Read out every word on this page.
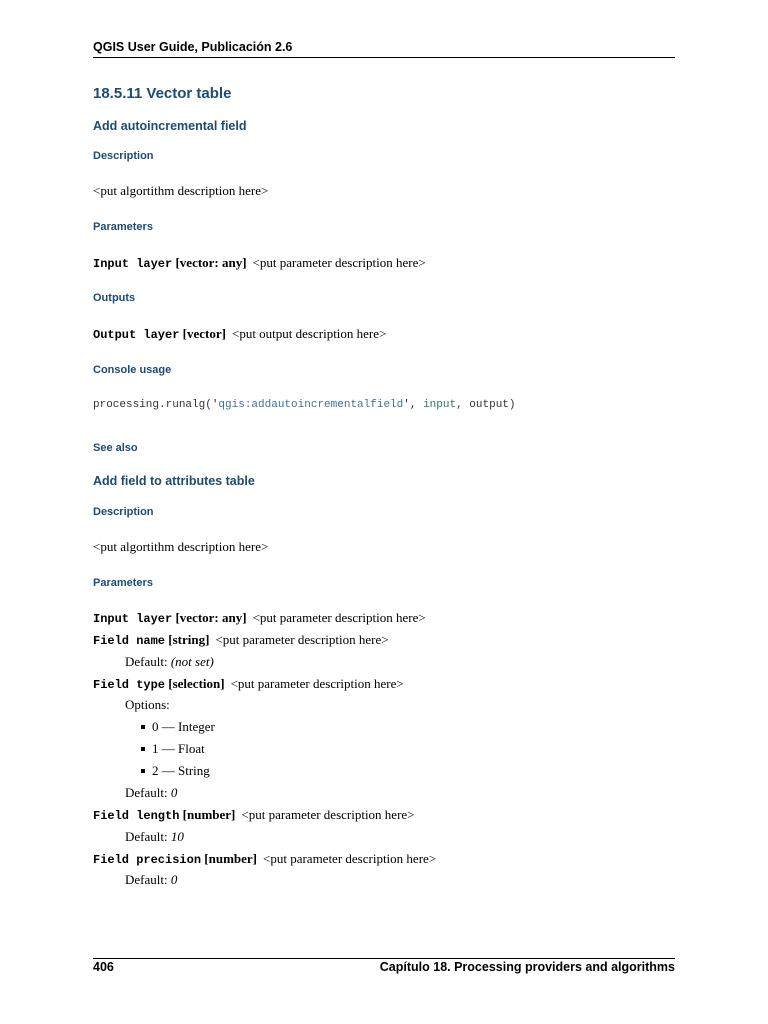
QGIS User Guide, Publicación 2.6
18.5.11 Vector table
Add autoincremental field
Description
<put algortithm description here>
Parameters
Input layer [vector: any] <put parameter description here>
Outputs
Output layer [vector] <put output description here>
Console usage
processing.runalg('qgis:addautoincrementalfield', input, output)
See also
Add field to attributes table
Description
<put algortithm description here>
Parameters
Input layer [vector: any] <put parameter description here>
Field name [string] <put parameter description here>
Default: (not set)
Field type [selection] <put parameter description here>
Options:
0 — Integer
1 — Float
2 — String
Default: 0
Field length [number] <put parameter description here>
Default: 10
Field precision [number] <put parameter description here>
Default: 0
406	Capítulo 18. Processing providers and algorithms
